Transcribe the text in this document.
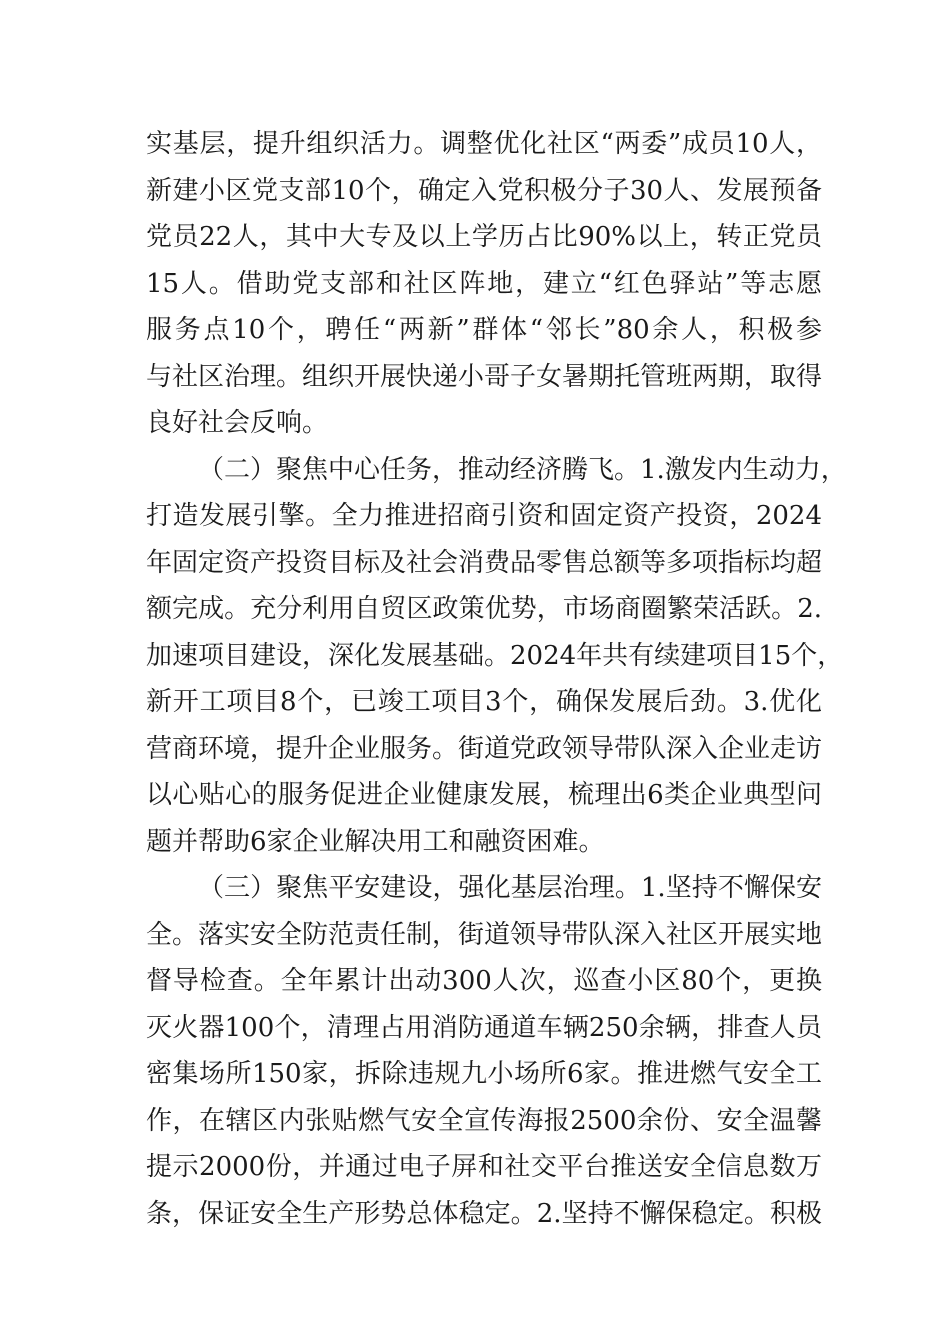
实基层，提升组织活力。调整优化社区“两委”成员10人，
新建小区党支部10个，确定入党积极分子30人、发展预备
党员22人，其中大专及以上学历占比90%以上，转正党员
15人。借助党支部和社区阵地，建立“红色驿站”等志愿
服务点10个，聘任“两新”群体“邻长”80余人，积极参
与社区治理。组织开展快递小哥子女暑期托管班两期，取得
良好社会反响。
（二）聚焦中心任务，推动经济腾飞。1.激发内生动力，
打造发展引擎。全力推进招商引资和固定资产投资，2024
年固定资产投资目标及社会消费品零售总额等多项指标均超
额完成。充分利用自贸区政策优势，市场商圈繁荣活跃。2.
加速项目建设，深化发展基础。2024年共有续建项目15个，
新开工项目8个，已竣工项目3个，确保发展后劲。3.优化
营商环境，提升企业服务。街道党政领导带队深入企业走访
以心贴心的服务促进企业健康发展，梳理出6类企业典型问
题并帮助6家企业解决用工和融资困难。
（三）聚焦平安建设，强化基层治理。1.坚持不懈保安
全。落实安全防范责任制，街道领导带队深入社区开展实地
督导检查。全年累计出动300人次，巡查小区80个，更换
灭火器100个，清理占用消防通道车辆250余辆，排查人员
密集场所150家，拆除违规九小场所6家。推进燃气安全工
作，在辖区内张贴燃气安全宣传海报2500余份、安全温馨
提示2000份，并通过电子屏和社交平台推送安全信息数万
条，保证安全生产形势总体稳定。2.坚持不懈保稳定。积极
